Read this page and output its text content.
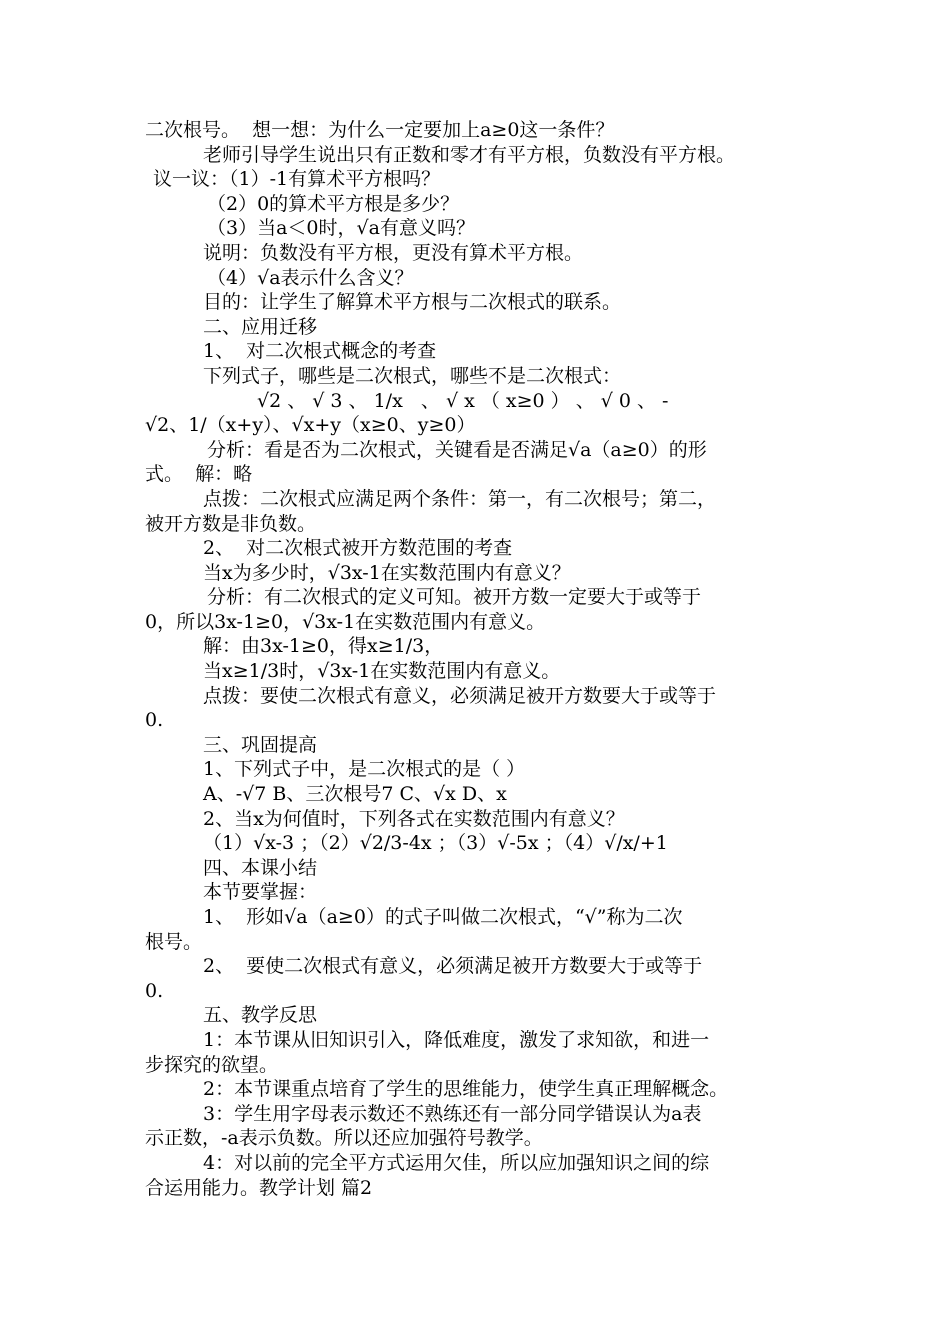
二次根号。  想一想：为什么一定要加上a≥0这一条件？
老师引导学生说出只有正数和零才有平方根，负数没有平方根。
议一议：（1）-1有算术平方根吗？
（2）0的算术平方根是多少？
（3）当a＜0时，√a有意义吗？
说明：负数没有平方根，更没有算术平方根。
（4）√a表示什么含义？
目的：让学生了解算术平方根与二次根式的联系。
二、应用迁移
1、  对二次根式概念的考查
下列式子，哪些是二次根式，哪些不是二次根式：
√2 、 √ 3 、 1/x   、 √ x （ x≥0 ） 、 √ 0 、 -
√2、1/（x+y）、√x+y（x≥0、y≥0）
分析：看是否为二次根式，关键看是否满足√a（a≥0）的形
式。  解：略
点拨：二次根式应满足两个条件：第一，有二次根号；第二，
被开方数是非负数。
2、  对二次根式被开方数范围的考查
当x为多少时，√3x-1在实数范围内有意义？
分析：有二次根式的定义可知。被开方数一定要大于或等于
0，所以3x-1≥0，√3x-1在实数范围内有意义。
解：由3x-1≥0，得x≥1/3，
当x≥1/3时，√3x-1在实数范围内有意义。
点拨：要使二次根式有意义，必须满足被开方数要大于或等于
0.
三、巩固提高
1、下列式子中，是二次根式的是（ ）
A、-√7 B、三次根号7 C、√x D、x
2、当x为何值时，下列各式在实数范围内有意义？
（1）√x-3 ；（2）√2/3-4x ；（3）√-5x ；（4）√/x/+1
四、本课小结
本节要掌握：
1、  形如√a（a≥0）的式子叫做二次根式，“√”称为二次
根号。
2、  要使二次根式有意义，必须满足被开方数要大于或等于
0.
五、教学反思
1：本节课从旧知识引入，降低难度，激发了求知欲，和进一
步探究的欲望。
2：本节课重点培育了学生的思维能力，使学生真正理解概念。
3：学生用字母表示数还不熟练还有一部分同学错误认为a表
示正数，-a表示负数。所以还应加强符号教学。
4：对以前的完全平方式运用欠佳，所以应加强知识之间的综
合运用能力。教学计划 篇2
